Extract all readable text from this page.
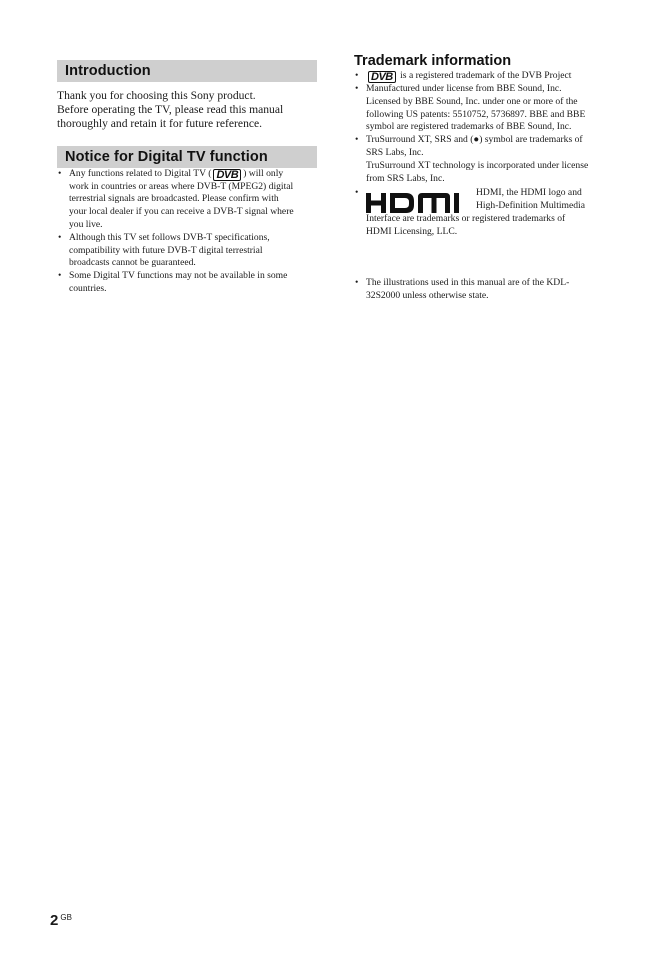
Introduction
Thank you for choosing this Sony product.
Before operating the TV, please read this manual
thoroughly and retain it for future reference.
Notice for Digital TV function
• Any functions related to Digital TV ( DVB ) will only
work in countries or areas where DVB-T (MPEG2) digital
terrestrial signals are broadcasted. Please confirm with
your local dealer if you can receive a DVB-T signal where
you live.
• Although this TV set follows DVB-T specifications,
compatibility with future DVB-T digital terrestrial
broadcasts cannot be guaranteed.
• Some Digital TV functions may not be available in some
countries.
Trademark information
• DVB is a registered trademark of the DVB Project
• Manufactured under license from BBE Sound, Inc.
Licensed by BBE Sound, Inc. under one or more of the
following US patents: 5510752, 5736897. BBE and BBE
symbol are registered trademarks of BBE Sound, Inc.
• TruSurround XT, SRS and (●) symbol are trademarks of
SRS Labs, Inc.
TruSurround XT technology is incorporated under license
from SRS Labs, Inc.
• HDMI, the HDMI logo and
High-Definition Multimedia
Interface are trademarks or registered trademarks of
HDMI Licensing, LLC.
• The illustrations used in this manual are of the KDL-
32S2000 unless otherwise state.
2 $^{GB}$
